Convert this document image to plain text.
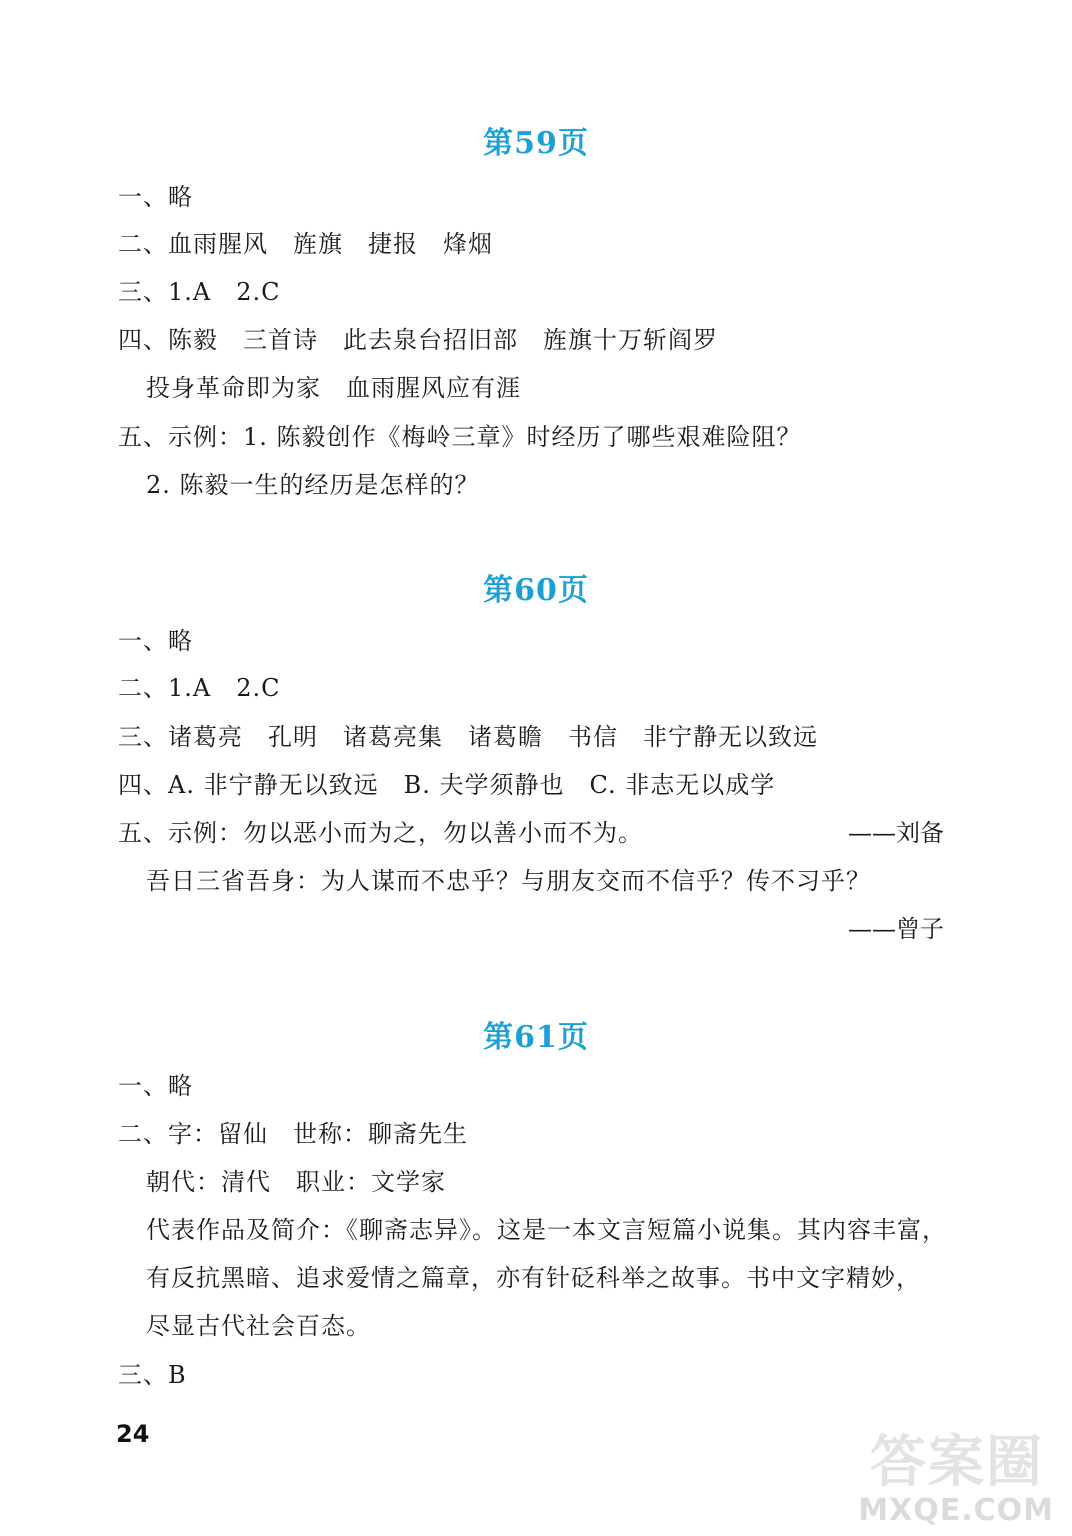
第59页
一、略
二、血雨腥风　旌旗　捷报　烽烟
三、1.A　2.C
四、陈毅　三首诗　此去泉台招旧部　旌旗十万斩阎罗
投身革命即为家　血雨腥风应有涯
五、示例：1. 陈毅创作《梅岭三章》时经历了哪些艰难险阻？
2. 陈毅一生的经历是怎样的？
第60页
一、略
二、1.A　2.C
三、诸葛亮　孔明　诸葛亮集　诸葛瞻　书信　非宁静无以致远
四、A. 非宁静无以致远　B. 夫学须静也　C. 非志无以成学
五、示例：勿以恶小而为之，勿以善小而不为。	——刘备
吾日三省吾身：为人谋而不忠乎？与朋友交而不信乎？传不习乎？
——曾子
第61页
一、略
二、字：留仙　世称：聊斋先生
朝代：清代　职业：文学家
代表作品及简介：《聊斋志异》。这是一本文言短篇小说集。其内容丰富，
有反抗黑暗、追求爱情之篇章，亦有针砭科举之故事。书中文字精妙，
尽显古代社会百态。
三、B
24	答案圈
MXQE.COM
